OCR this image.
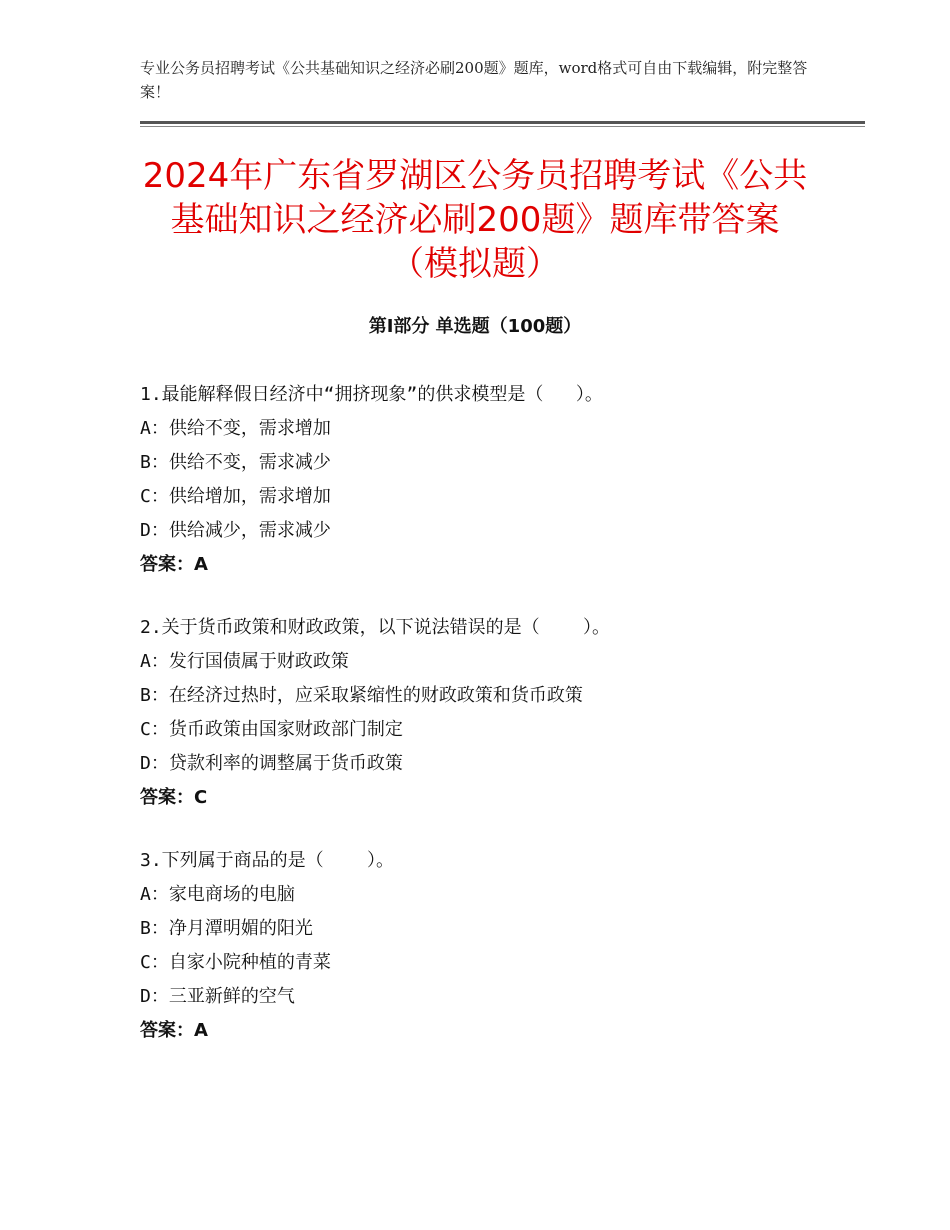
专业公务员招聘考试《公共基础知识之经济必刷200题》题库，word格式可自由下载编辑，附完整答案！
2024年广东省罗湖区公务员招聘考试《公共
基础知识之经济必刷200题》题库带答案
（模拟题）
第Ⅰ部分 单选题（100题）
1.最能解释假日经济中“拥挤现象”的供求模型是（   ）。
A：供给不变，需求增加
B：供给不变，需求减少
C：供给增加，需求增加
D：供给减少，需求减少
答案：A
2.关于货币政策和财政政策，以下说法错误的是（    ）。
A：发行国债属于财政政策
B：在经济过热时，应采取紧缩性的财政政策和货币政策
C：货币政策由国家财政部门制定
D：贷款利率的调整属于货币政策
答案：C
3.下列属于商品的是（    ）。
A：家电商场的电脑
B：净月潭明媚的阳光
C：自家小院种植的青菜
D：三亚新鲜的空气
答案：A
